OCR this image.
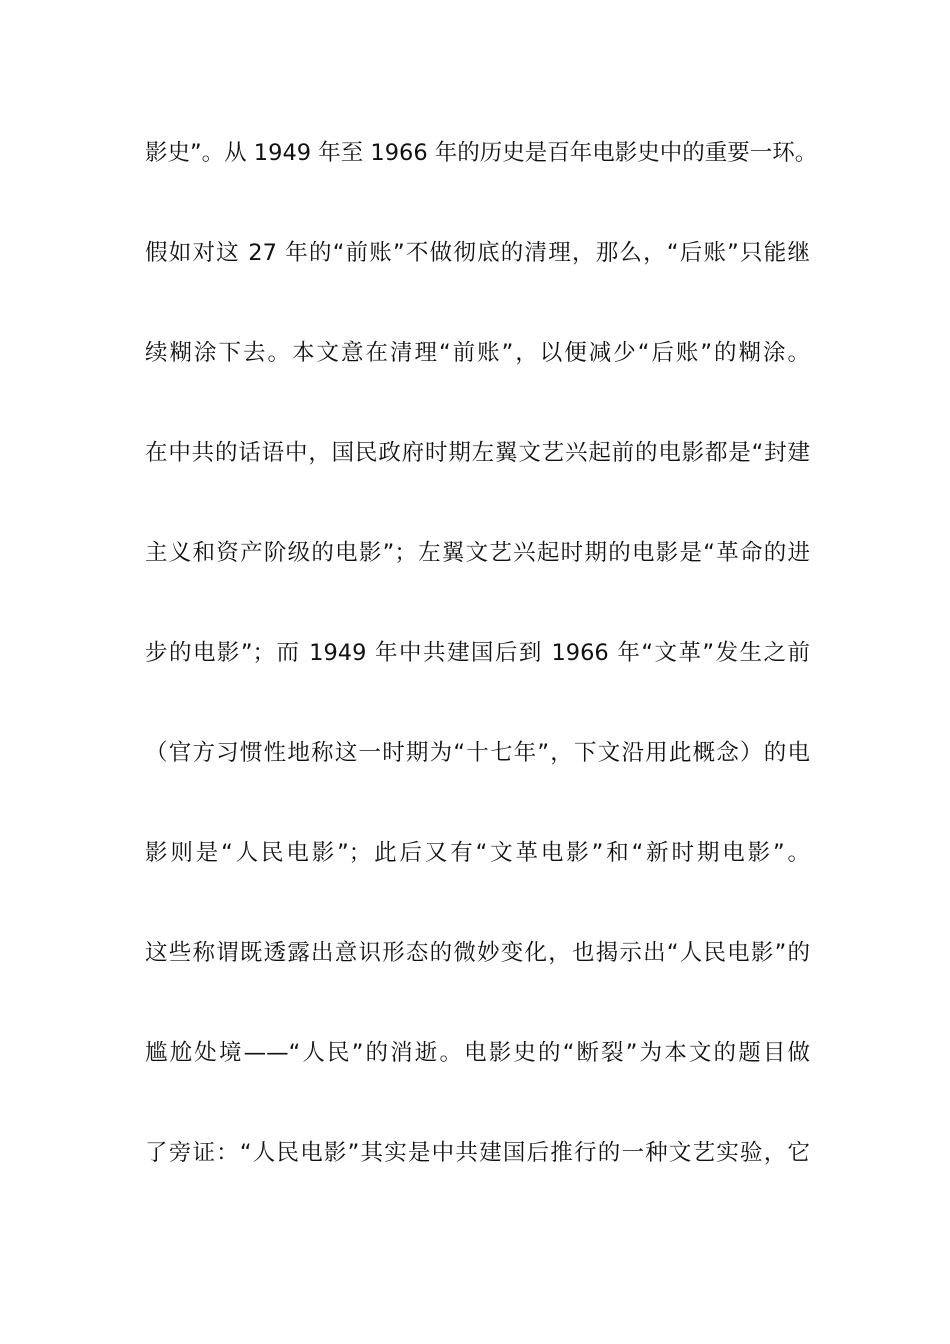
影史”。从 1949 年至 1966 年的历史是百年电影史中的重要一环。
假如对这 27 年的“前账”不做彻底的清理，那么，“后账”只能继
续糊涂下去。本文意在清理“前账”，以便减少“后账”的糊涂。
在中共的话语中，国民政府时期左翼文艺兴起前的电影都是“封建
主义和资产阶级的电影”；左翼文艺兴起时期的电影是“革命的进
步的电影”；而 1949 年中共建国后到 1966 年“文革”发生之前
（官方习惯性地称这一时期为“十七年”，下文沿用此概念）的电
影则是“人民电影”；此后又有“文革电影”和“新时期电影”。
这些称谓既透露出意识形态的微妙变化，也揭示出“人民电影”的
尴尬处境——“人民”的消逝。电影史的“断裂”为本文的题目做
了旁证：“人民电影”其实是中共建国后推行的一种文艺实验，它
